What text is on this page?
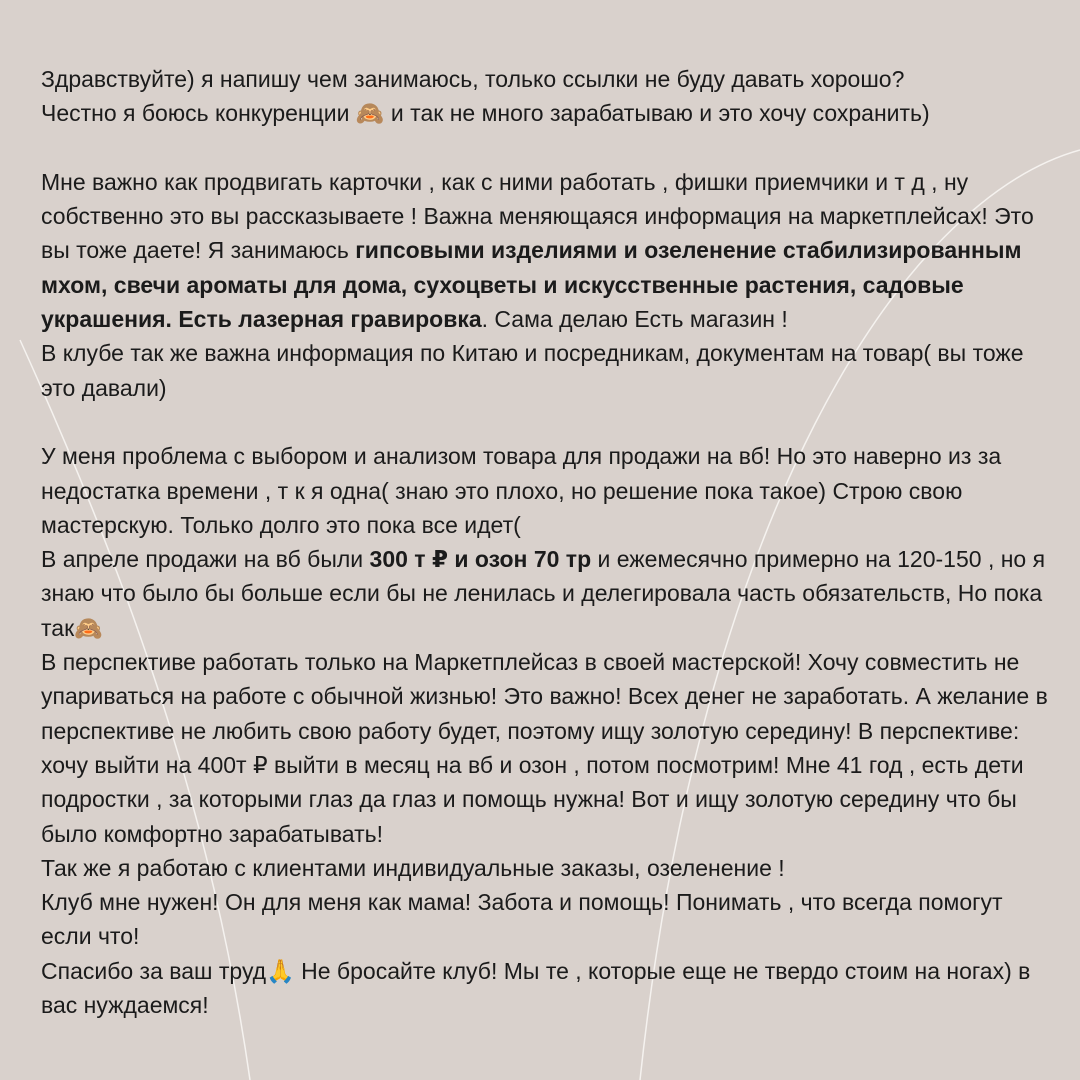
Здравствуйте) я напишу чем занимаюсь, только ссылки не буду давать хорошо?
Честно я боюсь конкуренции 🙈 и так не много зарабатываю и это хочу сохранить)

Мне важно как продвигать карточки , как с ними работать , фишки приемчики и т д , ну собственно это вы рассказываете ! Важна меняющаяся информация на маркетплейсах! Это вы тоже даете! Я занимаюсь гипсовыми изделиями и озеленение стабилизированным мхом, свечи ароматы для дома, сухоцветы и искусственные растения, садовые украшения. Есть лазерная гравировка. Сама делаю Есть магазин !

В клубе так же важна информация по Китаю и посредникам, документам на товар( вы тоже это давали)

У меня проблема с выбором и анализом товара для продажи на вб! Но это наверно из за недостатка времени , т к я одна( знаю это плохо, но решение пока такое) Строю свою мастерскую. Только долго это пока все идет(

В апреле продажи на вб были 300 т ₽ и озон 70 тр и ежемесячно примерно на 120-150 , но я знаю что было бы больше если бы не ленилась и делегировала часть обязательств, Но пока так🙈

В перспективе работать только на Маркетплейсаз в своей мастерской! Хочу совместить не упариваться на работе с обычной жизнью! Это важно! Всех денег не заработать. А желание в перспективе не любить свою работу будет, поэтому ищу золотую середину! В перспективе: хочу выйти на 400т ₽ выйти в месяц на вб и озон , потом посмотрим! Мне 41 год , есть дети подростки , за которыми глаз да глаз и помощь нужна! Вот и ищу золотую середину что бы было комфортно зарабатывать!

Так же я работаю с клиентами индивидуальные заказы, озеленение !

Клуб мне нужен! Он для меня как мама! Забота и помощь! Понимать , что всегда помогут если что!

Спасибо за ваш труд🙏 Не бросайте клуб! Мы те , которые еще не твердо стоим на ногах) в вас нуждаемся!
